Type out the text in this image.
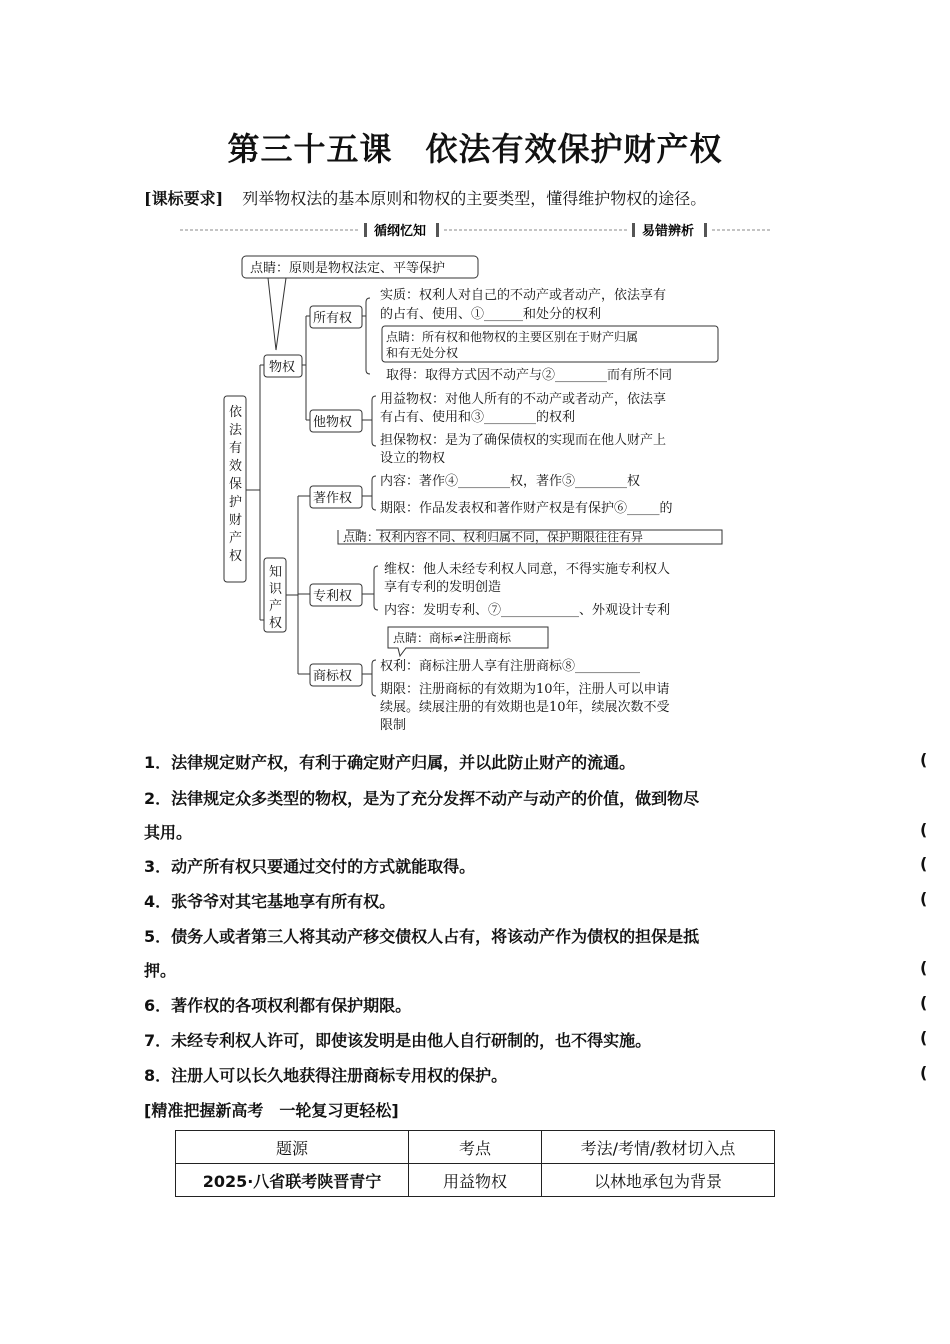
第三十五课　依法有效保护财产权
[课标要求] 列举物权法的基本原则和物权的主要类型，懂得维护物权的途径。
循纲忆知	易错辨析
点睛：原则是物权法定、平等保护
依
法
有
效
保
护
财
产
权
物权
所有权
实质：权利人对自己的不动产或者动产，依法享有
的占有、使用、①______和处分的权利
点睛：所有权和他物权的主要区别在于财产归属
和有无处分权
取得：取得方式因不动产与②________而有所不同
他物权
用益物权：对他人所有的不动产或者动产，依法享
有占有、使用和③________的权利
担保物权：是为了确保债权的实现而在他人财产上
设立的物权
知
识
产
权
著作权
内容：著作④________权，著作⑤________权
期限：作品发表权和著作财产权是有保护⑥_____的
点睛：权利内容不同、权利归属不同，保护期限往往有异
专利权
维权：他人未经专利权人同意，不得实施专利权人
享有专利的发明创造
内容：发明专利、⑦____________、外观设计专利
点睛：商标≠注册商标
商标权
权利：商标注册人享有注册商标⑧__________
期限：注册商标的有效期为10年，注册人可以申请
续展。续展注册的有效期也是10年，续展次数不受
限制
1．法律规定财产权，有利于确定财产归属，并以此防止财产的流通。	(
2．法律规定众多类型的物权，是为了充分发挥不动产与动产的价值，做到物尽
其用。	(
3．动产所有权只要通过交付的方式就能取得。	(
4．张爷爷对其宅基地享有所有权。	(
5．债务人或者第三人将其动产移交债权人占有，将该动产作为债权的担保是抵
押。	(
6．著作权的各项权利都有保护期限。	(
7．未经专利权人许可，即使该发明是由他人自行研制的，也不得实施。	(
8．注册人可以长久地获得注册商标专用权的保护。	(
[精准把握新高考　一轮复习更轻松]
题源	考点	考法/考情/教材切入点
2025·八省联考陕晋青宁	用益物权	以林地承包为背景
